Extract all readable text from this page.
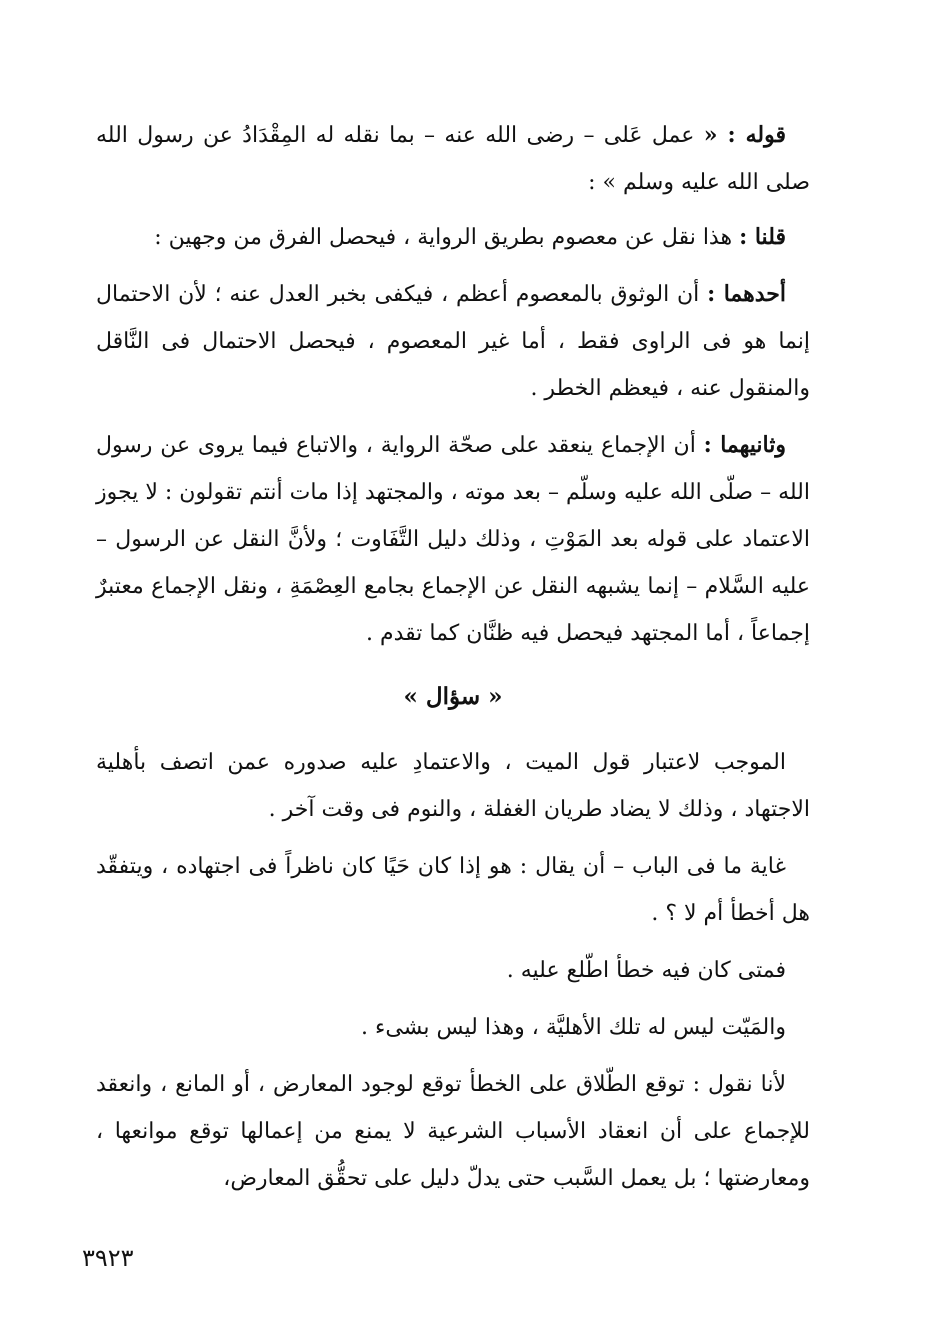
قوله : « عمل عَلى – رضى الله عنه – بما نقله له المِقْدَادُ عن رسول الله صلى الله عليه وسلم » :

قلنا : هذا نقل عن معصوم بطريق الرواية ، فيحصل الفرق من وجهين :

أحدهما : أن الوثوق بالمعصوم أعظم ، فيكفى بخبر العدل عنه ؛ لأن الاحتمال إنما هو فى الراوى فقط ، أما غير المعصوم ، فيحصل الاحتمال فى النَّاقل والمنقول عنه ، فيعظم الخطر .

وثانيهما : أن الإجماع ينعقد على صحّة الرواية ، والاتباع فيما يروى عن رسول الله – صلّى الله عليه وسلّم – بعد موته ، والمجتهد إذا مات أنتم تقولون : لا يجوز الاعتماد على قوله بعد المَوْتِ ، وذلك دليل التَّفَاوت ؛ ولأنَّ النقل عن الرسول – عليه السَّلام – إنما يشبهه النقل عن الإجماع بجامع العِصْمَةِ ، ونقل الإجماع معتبرٌ إجماعاً ، أما المجتهد فيحصل فيه ظنَّان كما تقدم .

« سؤال »

الموجب لاعتبار قول الميت ، والاعتمادِ عليه صدوره عمن اتصف بأهلية الاجتهاد ، وذلك لا يضاد طريان الغفلة ، والنوم فى وقت آخر .

غاية ما فى الباب – أن يقال : هو إذا كان حَيًا كان ناظراً فى اجتهاده ، ويتفقّد هل أخطأ أم لا ؟ .

فمتى كان فيه خطأ اطّلع عليه .

والمَيّت ليس له تلك الأهليَّة ، وهذا ليس بشىء .

لأنا نقول : توقع الطّلاق على الخطأ توقع لوجود المعارض ، أو المانع ، وانعقد للإجماع على أن انعقاد الأسباب الشرعية لا يمنع من إعمالها توقع موانعها ، ومعارضتها ؛ بل يعمل السَّبب حتى يدلّ دليل على تحقُّق المعارض،

٣٩٢٣
